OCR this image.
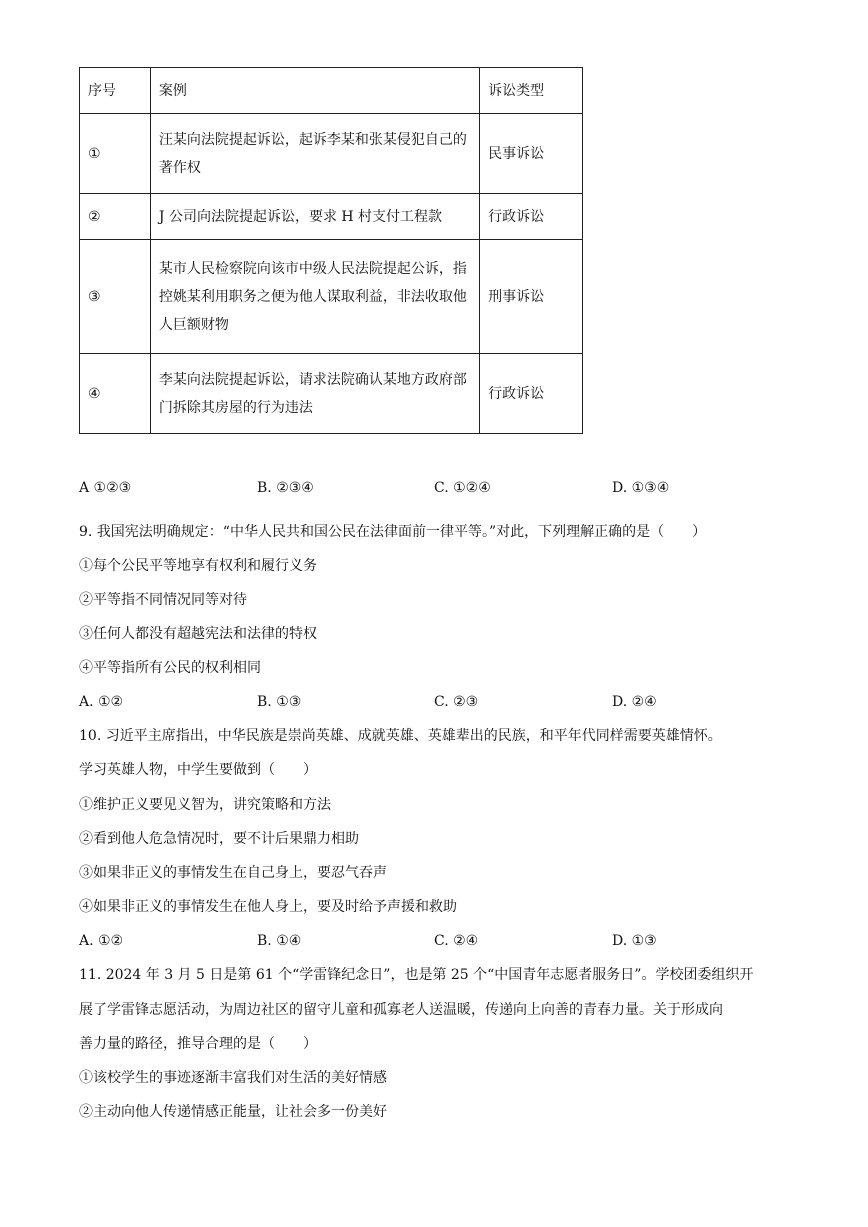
序号	案例	诉讼类型
①	汪某向法院提起诉讼，起诉李某和张某侵犯自己的著作权	民事诉讼
②	J 公司向法院提起诉讼，要求 H 村支付工程款	行政诉讼
③	某市人民检察院向该市中级人民法院提起公诉，指控姚某利用职务之便为他人谋取利益，非法收取他人巨额财物	刑事诉讼
④	李某向法院提起诉讼，请求法院确认某地方政府部门拆除其房屋的行为违法	行政诉讼
A ①②③	B. ②③④	C. ①②④	D. ①③④
9. 我国宪法明确规定：“中华人民共和国公民在法律面前一律平等。”对此，下列理解正确的是（　　）
①每个公民平等地享有权利和履行义务
②平等指不同情况同等对待
③任何人都没有超越宪法和法律的特权
④平等指所有公民的权利相同
A. ①②	B. ①③	C. ②③	D. ②④
10. 习近平主席指出，中华民族是崇尚英雄、成就英雄、英雄辈出的民族，和平年代同样需要英雄情怀。
学习英雄人物，中学生要做到（　　）
①维护正义要见义智为，讲究策略和方法
②看到他人危急情况时，要不计后果鼎力相助
③如果非正义的事情发生在自己身上，要忍气吞声
④如果非正义的事情发生在他人身上，要及时给予声援和救助
A. ①②	B. ①④	C. ②④	D. ①③
11. 2024 年 3 月 5 日是第 61 个“学雷锋纪念日”，也是第 25 个“中国青年志愿者服务日”。学校团委组织开
展了学雷锋志愿活动，为周边社区的留守儿童和孤寡老人送温暖，传递向上向善的青春力量。关于形成向
善力量的路径，推导合理的是（　　）
①该校学生的事迹逐渐丰富我们对生活的美好情感
②主动向他人传递情感正能量，让社会多一份美好
